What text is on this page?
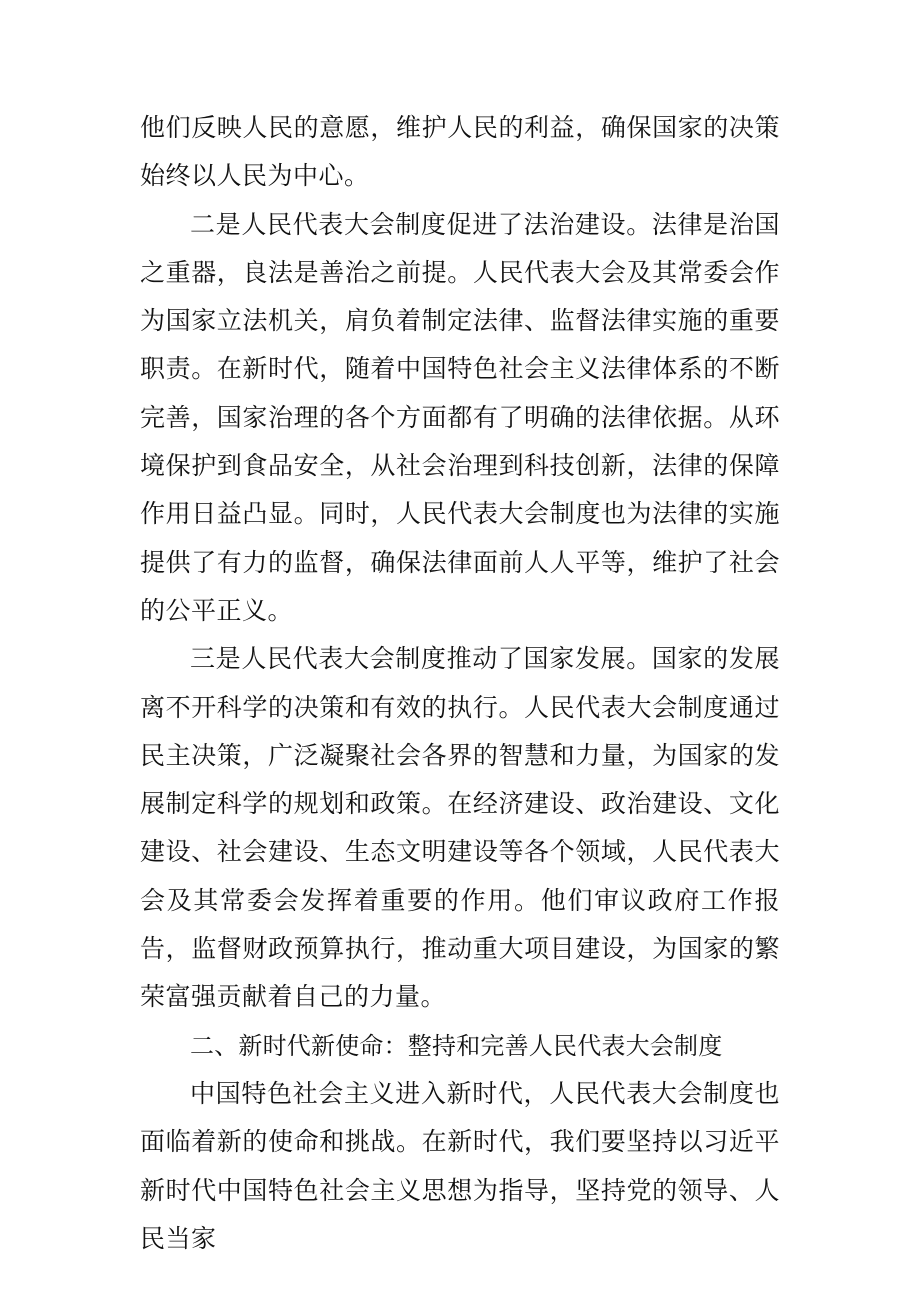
他们反映人民的意愿，维护人民的利益，确保国家的决策始终以人民为中心。

二是人民代表大会制度促进了法治建设。法律是治国之重器，良法是善治之前提。人民代表大会及其常委会作为国家立法机关，肩负着制定法律、监督法律实施的重要职责。在新时代，随着中国特色社会主义法律体系的不断完善，国家治理的各个方面都有了明确的法律依据。从环境保护到食品安全，从社会治理到科技创新，法律的保障作用日益凸显。同时，人民代表大会制度也为法律的实施提供了有力的监督，确保法律面前人人平等，维护了社会的公平正义。

三是人民代表大会制度推动了国家发展。国家的发展离不开科学的决策和有效的执行。人民代表大会制度通过民主决策，广泛凝聚社会各界的智慧和力量，为国家的发展制定科学的规划和政策。在经济建设、政治建设、文化建设、社会建设、生态文明建设等各个领域，人民代表大会及其常委会发挥着重要的作用。他们审议政府工作报告，监督财政预算执行，推动重大项目建设，为国家的繁荣富强贡献着自己的力量。

二、新时代新使命：整持和完善人民代表大会制度

中国特色社会主义进入新时代，人民代表大会制度也面临着新的使命和挑战。在新时代，我们要坚持以习近平新时代中国特色社会主义思想为指导，坚持党的领导、人民当家
